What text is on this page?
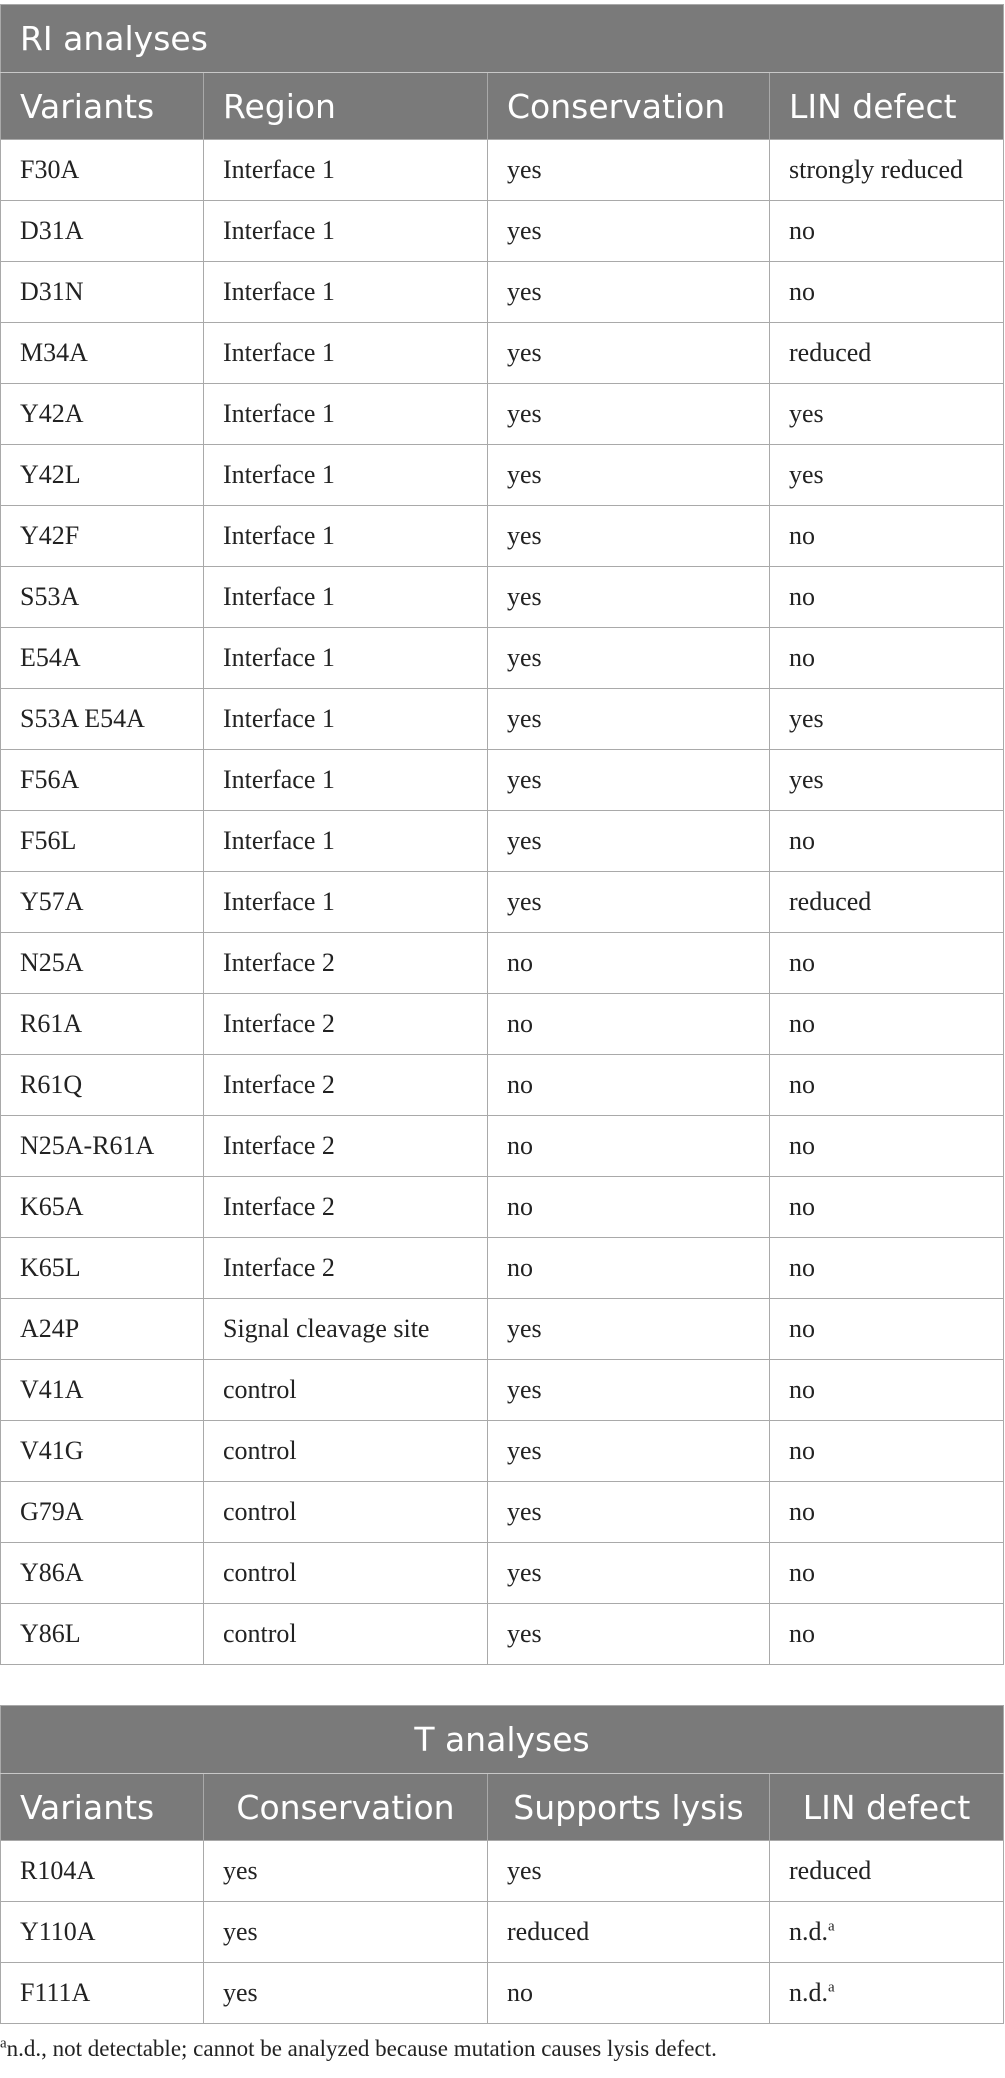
RI analyses			
Variants	Region	Conservation	LIN defect
F30A	Interface 1	yes	strongly reduced
D31A	Interface 1	yes	no
D31N	Interface 1	yes	no
M34A	Interface 1	yes	reduced
Y42A	Interface 1	yes	yes
Y42L	Interface 1	yes	yes
Y42F	Interface 1	yes	no
S53A	Interface 1	yes	no
E54A	Interface 1	yes	no
S53A E54A	Interface 1	yes	yes
F56A	Interface 1	yes	yes
F56L	Interface 1	yes	no
Y57A	Interface 1	yes	reduced
N25A	Interface 2	no	no
R61A	Interface 2	no	no
R61Q	Interface 2	no	no
N25A-R61A	Interface 2	no	no
K65A	Interface 2	no	no
K65L	Interface 2	no	no
A24P	Signal cleavage site	yes	no
V41A	control	yes	no
V41G	control	yes	no
G79A	control	yes	no
Y86A	control	yes	no
Y86L	control	yes	no
T analyses			
Variants	Conservation	Supports lysis	LIN defect
R104A	yes	yes	reduced
Y110A	yes	reduced	n.d.$^a$
F111A	yes	no	n.d.$^a$
$^a$n.d., not detectable; cannot be analyzed because mutation causes lysis defect.
